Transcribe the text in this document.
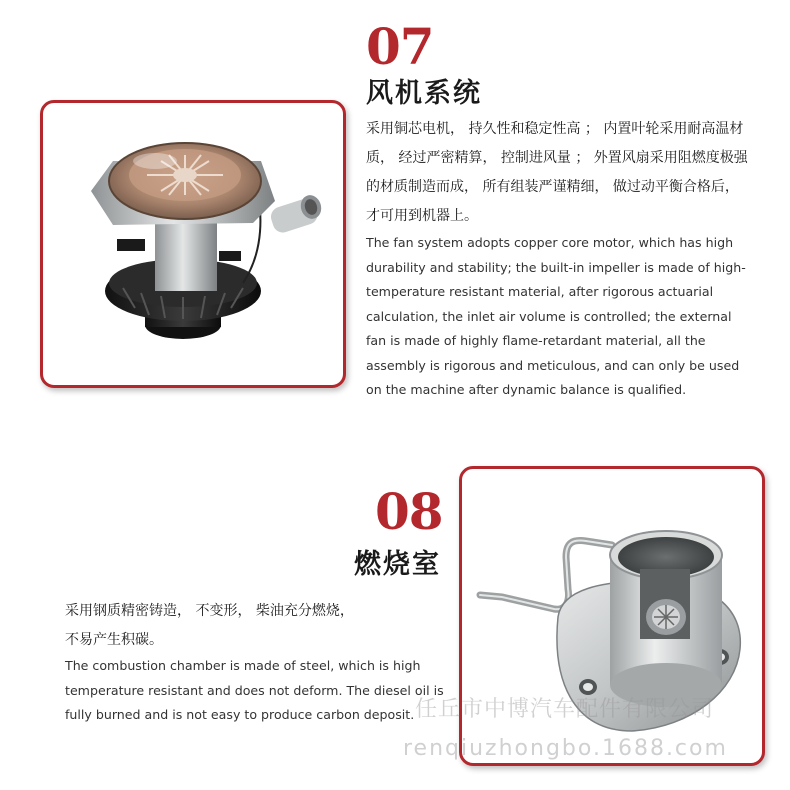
07
风机系统
采用铜芯电机， 持久性和稳定性高 ； 内置叶轮采用耐高温材质， 经过严密精算， 控制进风量 ； 外置风扇采用阻燃度极强的材质制造而成， 所有组装严谨精细， 做过动平衡合格后， 才可用到机器上。
The fan system adopts copper core motor, which has high durability and stability; the built-in impeller is made of high-temperature resistant material, after rigorous actuarial calculation, the inlet air volume is controlled; the external fan is made of highly flame-retardant material, all the assembly is rigorous and meticulous, and can only be used on the machine after dynamic balance is qualified.
08
燃烧室
采用钢质精密铸造， 不变形， 柴油充分燃烧， 不易产生积碳。
The combustion chamber is made of steel, which is high temperature resistant and does not deform. The diesel oil is fully burned and is not easy to produce carbon deposit. 任丘市中博汽车配件有限公司
renqiuzhongbo.1688.com
